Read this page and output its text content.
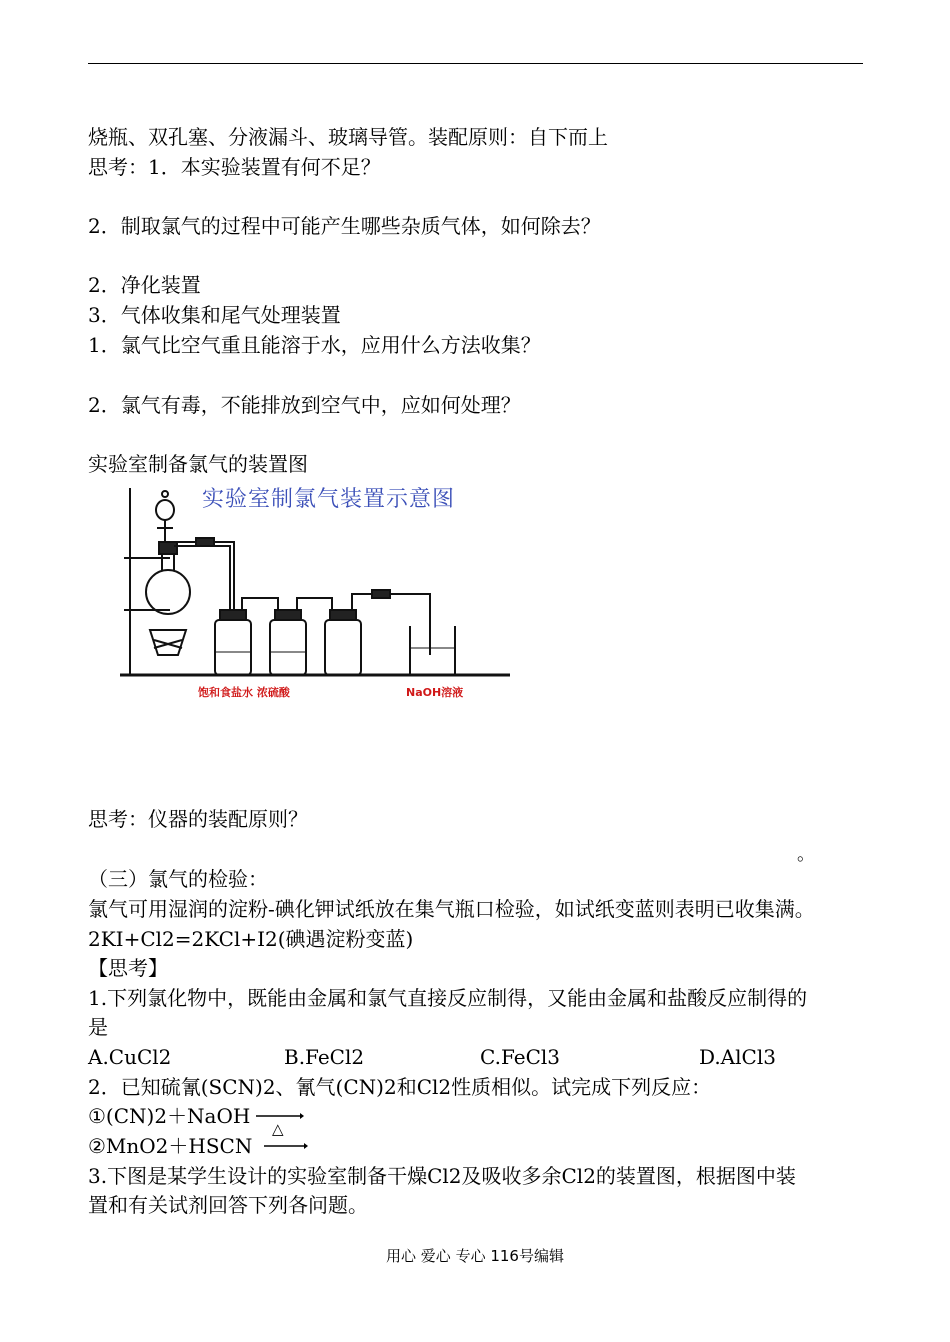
烧瓶、双孔塞、分液漏斗、玻璃导管。装配原则：自下而上
思考：1．本实验装置有何不足？
2．制取氯气的过程中可能产生哪些杂质气体，如何除去？
2．净化装置
3．气体收集和尾气处理装置
1．氯气比空气重且能溶于水，应用什么方法收集？
2．氯气有毒，不能排放到空气中，应如何处理？
实验室制备氯气的装置图
实验室制氯气装置示意图
饱和食盐水 浓硫酸	NaOH溶液
思考：仪器的装配原则？
。
（三）氯气的检验：
氯气可用湿润的淀粉-碘化钾试纸放在集气瓶口检验，如试纸变蓝则表明已收集满。
2KI+Cl2=2KCl+I2(碘遇淀粉变蓝)
【思考】
1.下列氯化物中，既能由金属和氯气直接反应制得，又能由金属和盐酸反应制得的
是
A.CuCl2	B.FeCl2	C.FeCl3	D.AlCl3
2．已知硫氰(SCN)2、氰气(CN)2和Cl2性质相似。试完成下列反应：
①(CN)2＋NaOH →
②MnO2＋HSCN
△
3.下图是某学生设计的实验室制备干燥Cl2及吸收多余Cl2的装置图，根据图中装
置和有关试剂回答下列各问题。
用心 爱心 专心 116号编辑
